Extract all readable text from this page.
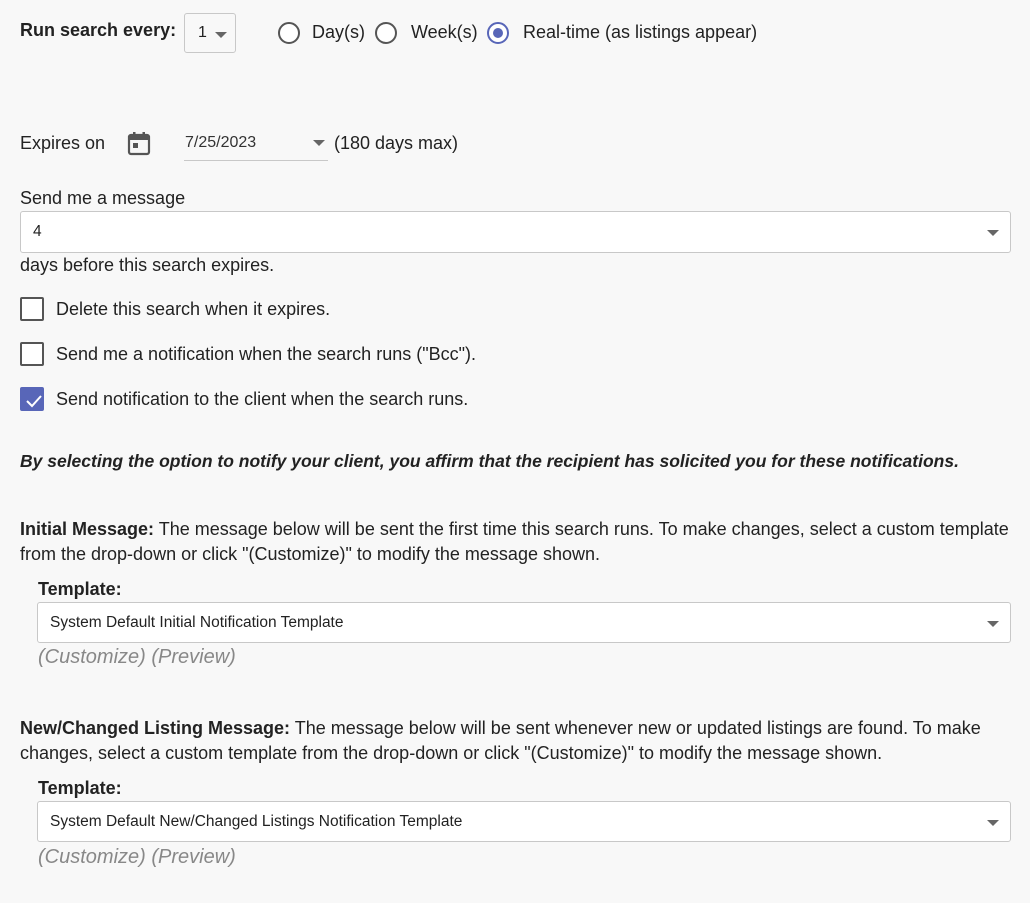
Run search every: 1	Day(s)	Week(s)	Real-time (as listings appear)
Expires on	7/25/2023	(180 days max)
Send me a message
4
days before this search expires.
Delete this search when it expires.
Send me a notification when the search runs ("Bcc").
Send notification to the client when the search runs.
By selecting the option to notify your client, you affirm that the recipient has solicited you for these notifications.
Initial Message: The message below will be sent the first time this search runs. To make changes, select a custom template from the drop-down or click "(Customize)" to modify the message shown.
Template:
System Default Initial Notification Template
(Customize) (Preview)
New/Changed Listing Message: The message below will be sent whenever new or updated listings are found. To make changes, select a custom template from the drop-down or click "(Customize)" to modify the message shown.
Template:
System Default New/Changed Listings Notification Template
(Customize) (Preview)
